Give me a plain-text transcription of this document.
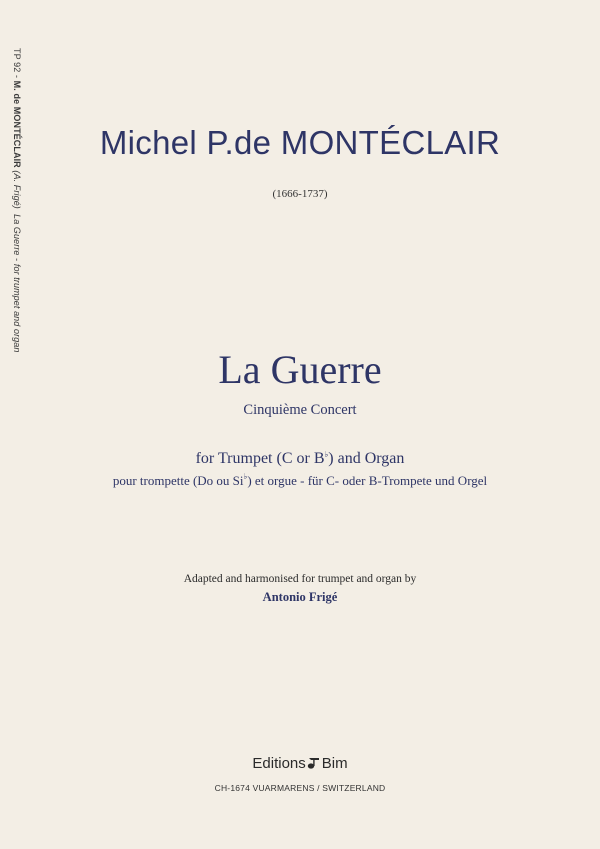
TP 92 - M. de MONTÉCLAIR (A. Frigé)  La Guerre - for trumpet and organ
Michel P.de MONTÉCLAIR
(1666-1737)
La Guerre
Cinquième Concert
for Trumpet (C or B♭) and Organ
pour trompette (Do ou Si♭) et orgue - für C- oder B-Trompete und Orgel
Adapted and harmonised for trumpet and organ by
Antonio Frigé
Editions Bim
CH-1674 VUARMARENS / SWITZERLAND
